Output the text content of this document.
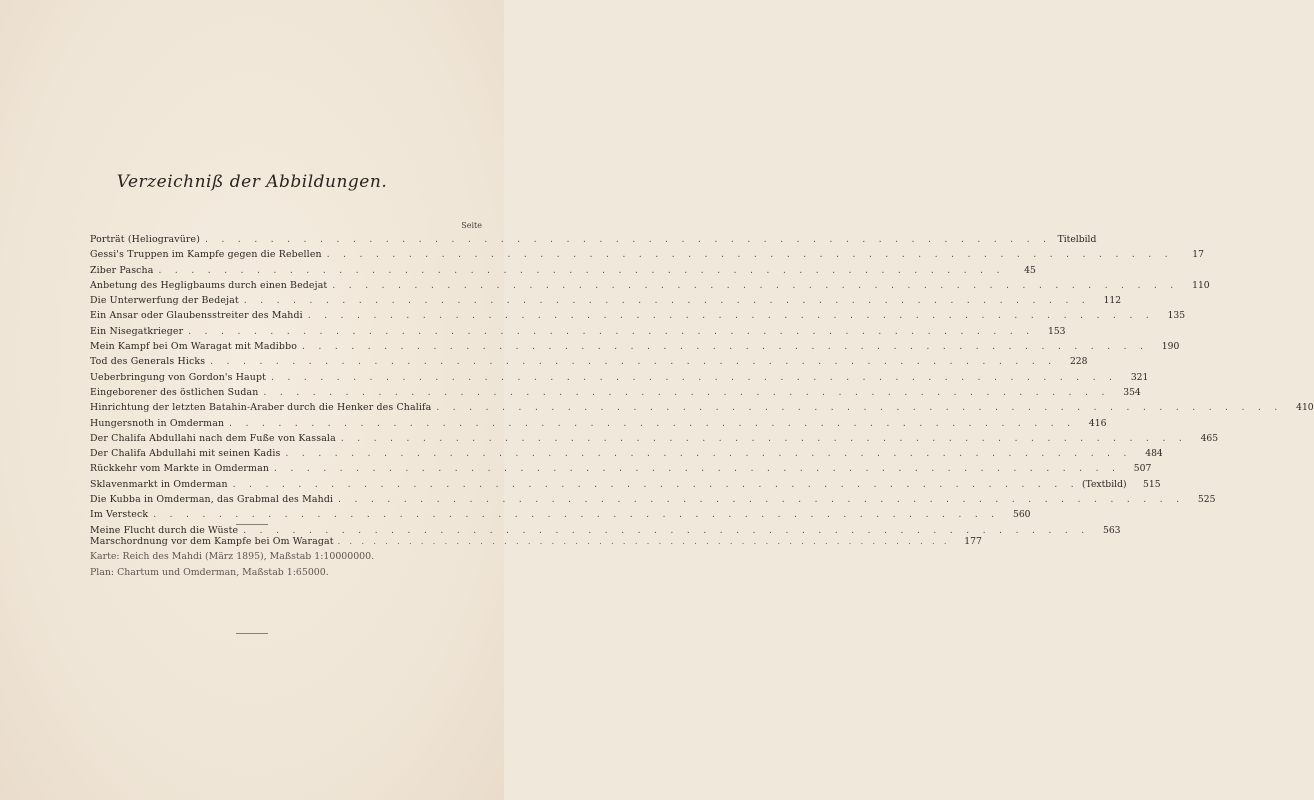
Verzeichniß der Abbildungen.
Seite
Porträt (Heliogravüre) . . . . . . . . . . . . . . . . . . . . . . . . . . . . . . . . . . . . . . . . . . . . . . . . . . . . Titelbild
Gessi's Truppen im Kampfe gegen die Rebellen . . . . . . . . . . . . . . . . . . . . . . . . . . . . . . . . . . . . . . . . . . . . . . . . . . . .	17
Ziber Pascha . . . . . . . . . . . . . . . . . . . . . . . . . . . . . . . . . . . . . . . . . . . . . . . . . . . .	45
Anbetung des Hegligbaums durch einen Bedejat . . . . . . . . . . . . . . . . . . . . . . . . . . . . . . . . . . . . . . . . . . . . . . . . . . . .	110
Die Unterwerfung der Bedejat . . . . . . . . . . . . . . . . . . . . . . . . . . . . . . . . . . . . . . . . . . . . . . . . . . . .	112
Ein Ansar oder Glaubensstreiter des Mahdi . . . . . . . . . . . . . . . . . . . . . . . . . . . . . . . . . . . . . . . . . . . . . . . . . . . .	135
Ein Nisegatkrieger . . . . . . . . . . . . . . . . . . . . . . . . . . . . . . . . . . . . . . . . . . . . . . . . . . . .	153
Mein Kampf bei Om Waragat mit Madibbo . . . . . . . . . . . . . . . . . . . . . . . . . . . . . . . . . . . . . . . . . . . . . . . . . . . .	190
Tod des Generals Hicks . . . . . . . . . . . . . . . . . . . . . . . . . . . . . . . . . . . . . . . . . . . . . . . . . . . .	228
Ueberbringung von Gordon's Haupt . . . . . . . . . . . . . . . . . . . . . . . . . . . . . . . . . . . . . . . . . . . . . . . . . . . .	321
Eingeborener des östlichen Sudan . . . . . . . . . . . . . . . . . . . . . . . . . . . . . . . . . . . . . . . . . . . . . . . . . . . .	354
Hinrichtung der letzten Batahin-Araber durch die Henker des Chalifa . . . . . . . . . . . . . . . . . . . . . . . . . . . . . . . . . . . . . . . . . . . . . . . . . . . .	410
Hungersnoth in Omderman . . . . . . . . . . . . . . . . . . . . . . . . . . . . . . . . . . . . . . . . . . . . . . . . . . . .	416
Der Chalifa Abdullahi nach dem Fuße von Kassala . . . . . . . . . . . . . . . . . . . . . . . . . . . . . . . . . . . . . . . . . . . . . . . . . . . .	465
Der Chalifa Abdullahi mit seinen Kadis . . . . . . . . . . . . . . . . . . . . . . . . . . . . . . . . . . . . . . . . . . . . . . . . . . . .	484
Rückkehr vom Markte in Omderman . . . . . . . . . . . . . . . . . . . . . . . . . . . . . . . . . . . . . . . . . . . . . . . . . . . .	507
Sklavenmarkt in Omderman . . . . . . . . . . . . . . . . . . . . . . . . . . . . . . . . . . . . . . . . . . . . . . . . . . . . (Textbild)	515
Die Kubba in Omderman, das Grabmal des Mahdi . . . . . . . . . . . . . . . . . . . . . . . . . . . . . . . . . . . . . . . . . . . . . . . . . . . .	525
Im Versteck . . . . . . . . . . . . . . . . . . . . . . . . . . . . . . . . . . . . . . . . . . . . . . . . . . . .	560
Meine Flucht durch die Wüste . . . . . . . . . . . . . . . . . . . . . . . . . . . . . . . . . . . . . . . . . . . . . . . . . . . .	563
Marschordnung vor dem Kampfe bei Om Waragat . . . . . . . . . . . . . . . . . . . . . . . . . . . . . . . . . . . . . . . . . . . . . . . . . . . .	177
Karte: Reich des Mahdi (März 1895), Maßstab 1:10000000.
Plan: Chartum und Omderman, Maßstab 1:65000.
